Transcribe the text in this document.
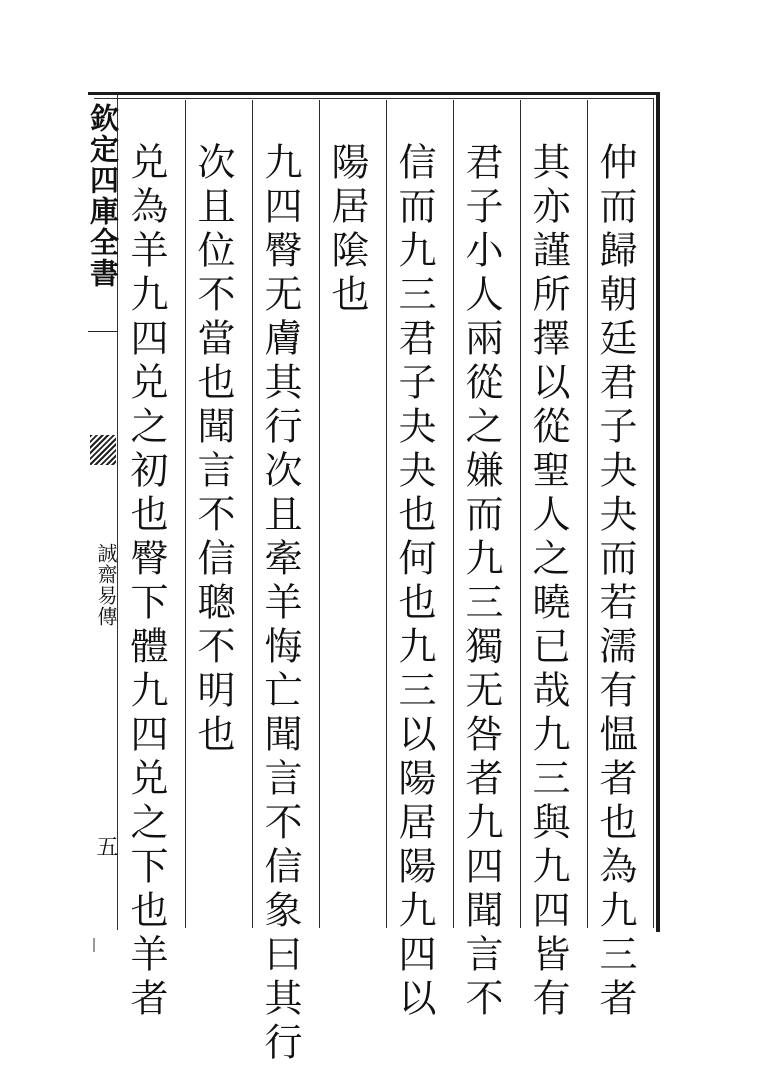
仲而歸朝廷君子夬夬而若濡有愠者也為九三者
其亦謹所擇以從聖人之曉已哉九三與九四皆有
君子小人兩從之嫌而九三獨无咎者九四聞言不
信而九三君子夬夬也何也九三以陽居陽九四以
陽居隂也
九四臀无膚其行次且牽羊悔亡聞言不信象曰其行
次且位不當也聞言不信聰不明也
兑為羊九四兑之初也臀下體九四兑之下也羊者
欽定四庫全書
誠齋易傳
五
